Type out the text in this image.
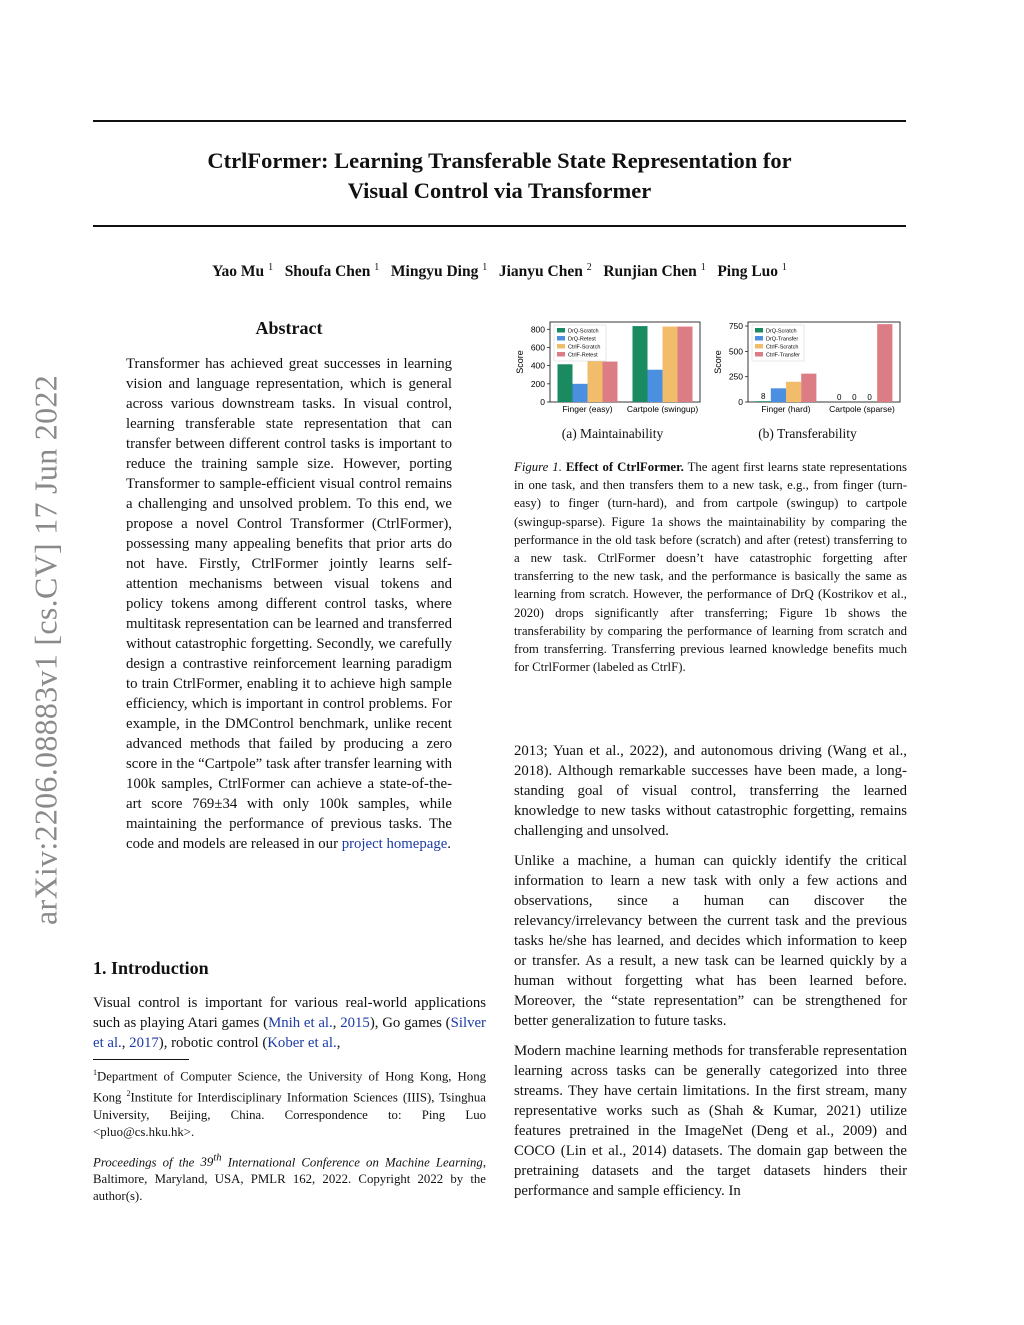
CtrlFormer: Learning Transferable State Representation for
Visual Control via Transformer
Yao Mu $^1$ Shoufa Chen $^1$ Mingyu Ding $^1$ Jianyu Chen $^2$ Runjian Chen $^1$ Ping Luo $^1$
arXiv:2206.08883v1 [cs.CV] 17 Jun 2022
Abstract
Transformer has achieved great successes in learning vision and language representation, which is general across various downstream tasks. In visual control, learning transferable state representation that can transfer between different control tasks is important to reduce the training sample size. However, porting Transformer to sample-efficient visual control remains a challenging and unsolved problem. To this end, we propose a novel Control Transformer (CtrlFormer), possessing many appealing benefits that prior arts do not have. Firstly, CtrlFormer jointly learns self-attention mechanisms between visual tokens and policy tokens among different control tasks, where multitask representation can be learned and transferred without catastrophic forgetting. Secondly, we carefully design a contrastive reinforcement learning paradigm to train CtrlFormer, enabling it to achieve high sample efficiency, which is important in control problems. For example, in the DMControl benchmark, unlike recent advanced methods that failed by producing a zero score in the “Cartpole” task after transfer learning with 100k samples, CtrlFormer can achieve a state-of-the-art score 769±34 with only 100k samples, while maintaining the performance of previous tasks. The code and models are released in our project homepage.
1. Introduction
Visual control is important for various real-world applications such as playing Atari games (Mnih et al., 2015), Go games (Silver et al., 2017), robotic control (Kober et al.,
$^1$Department of Computer Science, the University of Hong Kong, Hong Kong $^2$Institute for Interdisciplinary Information Sciences (IIIS), Tsinghua University, Beijing, China. Correspondence to: Ping Luo <pluo@cs.hku.hk>.
Proceedings of the 39th International Conference on Machine Learning, Baltimore, Maryland, USA, PMLR 162, 2022. Copyright 2022 by the author(s).
Score
0
200
400
600
800
Finger (easy) Cartpole (swingup)
DrQ-Scratch
DrQ-Retest
CtrlF-Scratch
CtrlF-Retest	Score
0
250
500
750
Finger (hard) Cartpole (sparse)
8	0 0 0
DrQ-Scratch
DrQ-Transfer
CtrlF-Scratch
CtrlF-Transfer
(a) Maintainability	(b) Transferability
Figure 1. Effect of CtrlFormer. The agent first learns state representations in one task, and then transfers them to a new task, e.g., from finger (turn-easy) to finger (turn-hard), and from cartpole (swingup) to cartpole (swingup-sparse). Figure 1a shows the maintainability by comparing the performance in the old task before (scratch) and after (retest) transferring to a new task. CtrlFormer doesn’t have catastrophic forgetting after transferring to the new task, and the performance is basically the same as learning from scratch. However, the performance of DrQ (Kostrikov et al., 2020) drops significantly after transferring; Figure 1b shows the transferability by comparing the performance of learning from scratch and from transferring. Transferring previous learned knowledge benefits much for CtrlFormer (labeled as CtrlF).

2013; Yuan et al., 2022), and autonomous driving (Wang et al., 2018). Although remarkable successes have been made, a long-standing goal of visual control, transferring the learned knowledge to new tasks without catastrophic forgetting, remains challenging and unsolved.

Unlike a machine, a human can quickly identify the critical information to learn a new task with only a few actions and observations, since a human can discover the relevancy/irrelevancy between the current task and the previous tasks he/she has learned, and decides which information to keep or transfer. As a result, a new task can be learned quickly by a human without forgetting what has been learned before. Moreover, the “state representation” can be strengthened for better generalization to future tasks.

Modern machine learning methods for transferable representation learning across tasks can be generally categorized into three streams. They have certain limitations. In the first stream, many representative works such as (Shah & Kumar, 2021) utilize features pretrained in the ImageNet (Deng et al., 2009) and COCO (Lin et al., 2014) datasets. The domain gap between the pretraining datasets and the target datasets hinders their performance and sample efficiency. In
